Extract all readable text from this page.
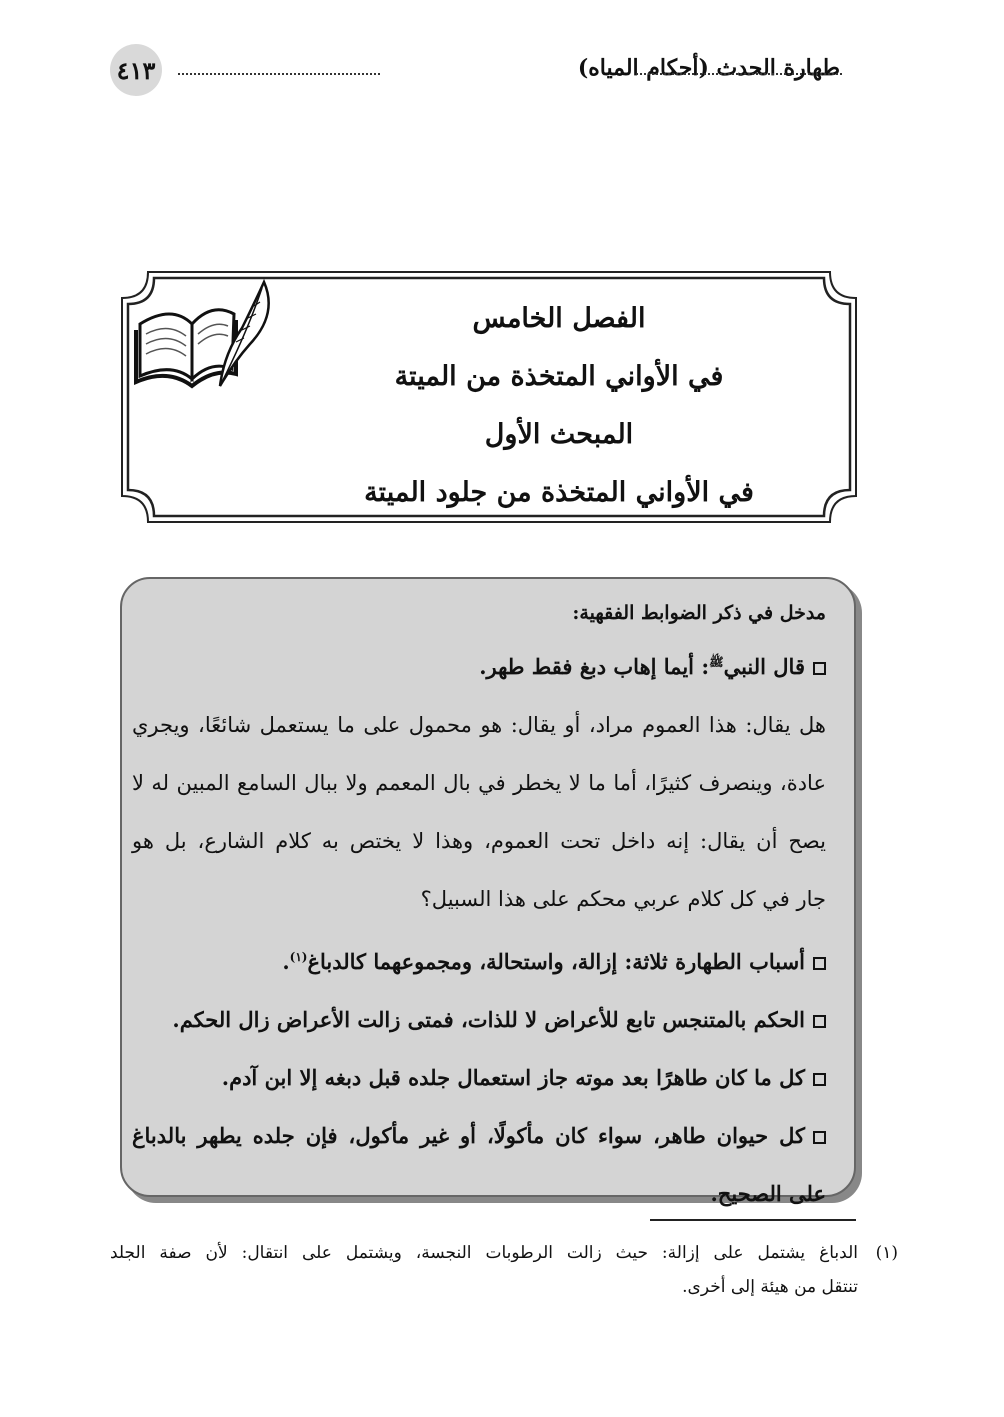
٤١٣	طهارة الحدث (أحكام المياه)
الفصل الخامس
في الأواني المتخذة من الميتة
المبحث الأول
في الأواني المتخذة من جلود الميتة
مدخل في ذكر الضوابط الفقهية:
قال النبي$^ﷺ$: أيما إهاب دبغ فقط طهر.
هل يقال: هذا العموم مراد، أو يقال: هو محمول على ما يستعمل شائعًا، ويجري
عادة، وينصرف كثيرًا، أما ما لا يخطر في بال المعمم ولا ببال السامع المبين له لا
يصح أن يقال: إنه داخل تحت العموم، وهذا لا يختص به كلام الشارع، بل هو
جار في كل كلام عربي محكم على هذا السبيل؟
أسباب الطهارة ثلاثة: إزالة، واستحالة، ومجموعهما كالدباغ$^{(١)}$.
الحكم بالمتنجس تابع للأعراض لا للذات، فمتى زالت الأعراض زال الحكم.
كل ما كان طاهرًا بعد موته جاز استعمال جلده قبل دبغه إلا ابن آدم.
كل حيوان طاهر، سواء كان مأكولًا، أو غير مأكول، فإن جلده يطهر بالدباغ
على الصحيح.
(١)
الدباغ يشتمل على إزالة: حيث زالت الرطوبات النجسة، ويشتمل على انتقال: لأن صفة الجلد
تنتقل من هيئة إلى أخرى.
